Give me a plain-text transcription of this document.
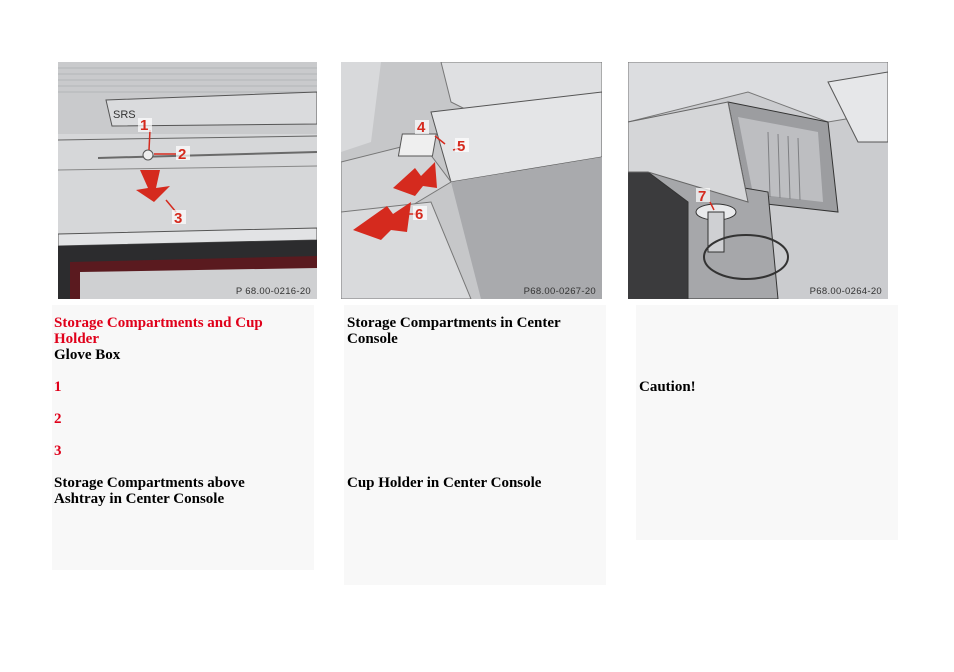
SRS
1
2
3
P 68.00-0216-20
4
5
6
P68.00-0267-20
7
P68.00-0264-20
Storage Compartments and Cup Holder
Glove Box
1
2
3
Storage Compartments above Ashtray in Center Console
Storage Compartments in Center Console
Cup Holder in Center Console
Caution!
